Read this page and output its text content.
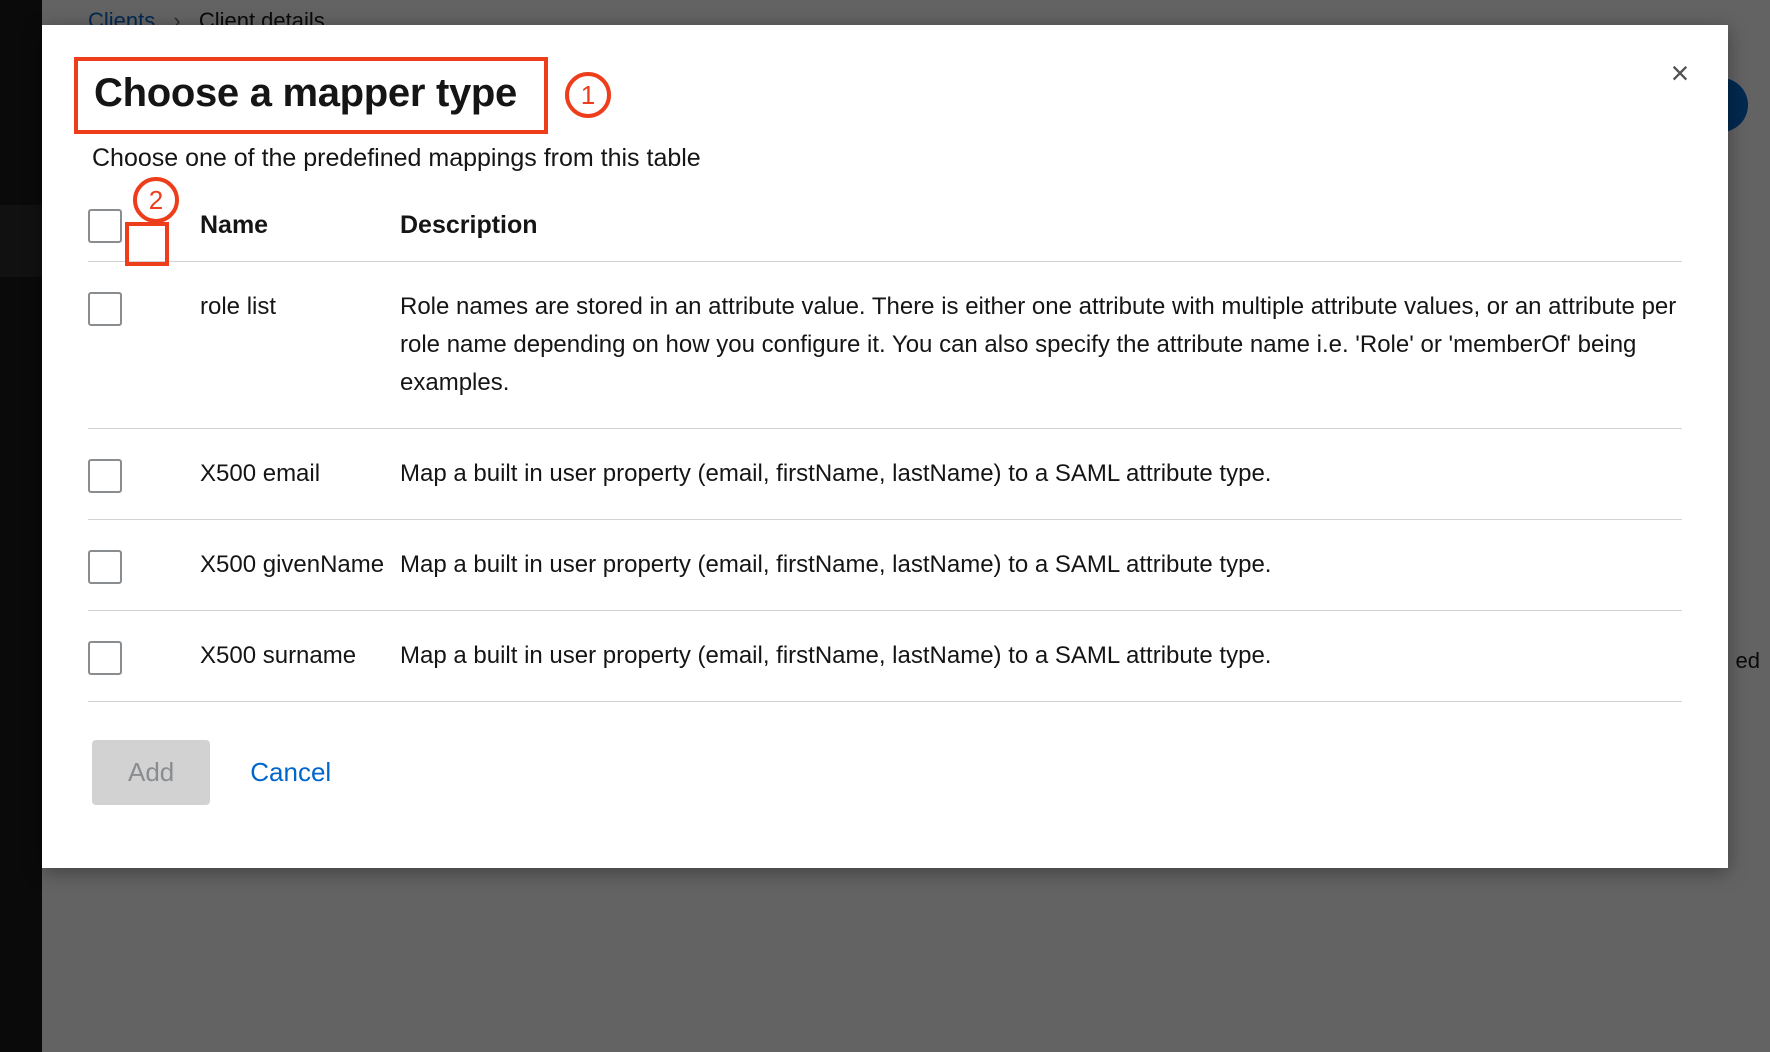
×
Choose a mapper type

Choose one of the predefined mappings from this table

	Name	Description

	role list	Role names are stored in an attribute value. There is either one attribute with multiple attribute values, or an attribute per role name depending on how you configure it. You can also specify the attribute name i.e. 'Role' or 'memberOf' being examples.

	X500 email	Map a built in user property (email, firstName, lastName) to a SAML attribute type.

	X500 givenName	Map a built in user property (email, firstName, lastName) to a SAML attribute type.

	X500 surname	Map a built in user property (email, firstName, lastName) to a SAML attribute type.
Add	Cancel
1
2
